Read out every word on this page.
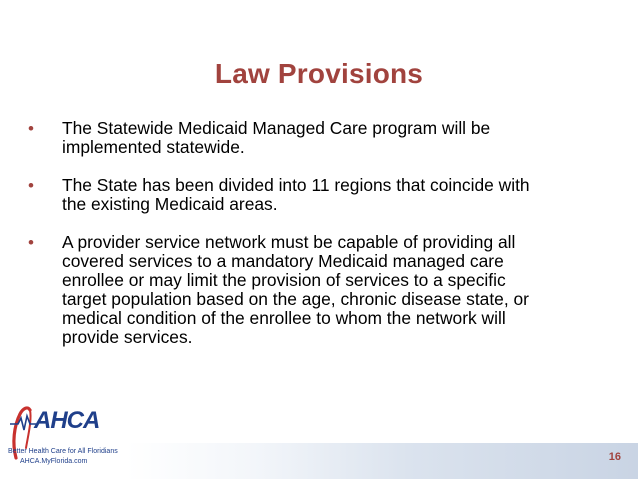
Law Provisions
• The Statewide Medicaid Managed Care program will be
implemented statewide.
• The State has been divided into 11 regions that coincide with
the existing Medicaid areas.
• A provider service network must be capable of providing all
covered services to a mandatory Medicaid managed care
enrollee or may limit the provision of services to a specific
target population based on the age, chronic disease state, or
medical condition of the enrollee to whom the network will
provide services.
16
AHCA
Better Health Care for All Floridians
AHCA.MyFlorida.com
